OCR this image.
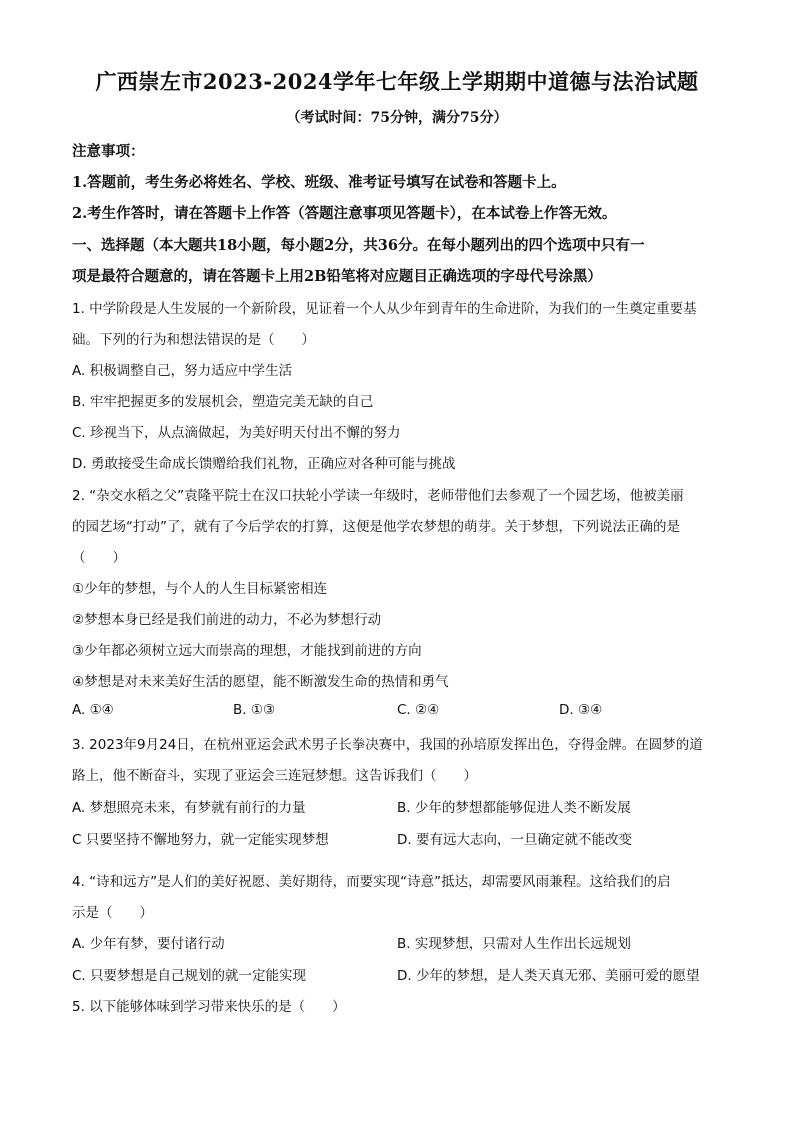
广西崇左市2023-2024学年七年级上学期期中道德与法治试题
（考试时间：75分钟，满分75分）
注意事项：
1.答题前，考生务必将姓名、学校、班级、准考证号填写在试卷和答题卡上。
2.考生作答时，请在答题卡上作答（答题注意事项见答题卡），在本试卷上作答无效。
一、选择题（本大题共18小题，每小题2分，共36分。在每小题列出的四个选项中只有一
项是最符合题意的，请在答题卡上用2B铅笔将对应题目正确选项的字母代号涂黑）
1. 中学阶段是人生发展的一个新阶段，见证着一个人从少年到青年的生命进阶，为我们的一生奠定重要基
础。下列的行为和想法错误的是（　　）
A. 积极调整自己，努力适应中学生活
B. 牢牢把握更多的发展机会，塑造完美无缺的自己
C. 珍视当下，从点滴做起，为美好明天付出不懈的努力
D. 勇敢接受生命成长馈赠给我们礼物，正确应对各种可能与挑战
2. “杂交水稻之父”袁隆平院士在汉口扶轮小学读一年级时，老师带他们去参观了一个园艺场，他被美丽
的园艺场“打动”了，就有了今后学农的打算，这便是他学农梦想的萌芽。关于梦想，下列说法正确的是
（　　）
①少年的梦想，与个人的人生目标紧密相连
②梦想本身已经是我们前进的动力，不必为梦想行动
③少年都必须树立远大而崇高的理想，才能找到前进的方向
④梦想是对未来美好生活的愿望，能不断激发生命的热情和勇气
A. ①④	B. ①③	C. ②④	D. ③④
3. 2023年9月24日，在杭州亚运会武术男子长拳决赛中，我国的孙培原发挥出色，夺得金牌。在圆梦的道
路上，他不断奋斗，实现了亚运会三连冠梦想。这告诉我们（　　）
A. 梦想照亮未来，有梦就有前行的力量	B. 少年的梦想都能够促进人类不断发展
C 只要坚持不懈地努力，就一定能实现梦想	D. 要有远大志向，一旦确定就不能改变
4. “诗和远方”是人们的美好祝愿、美好期待，而要实现“诗意”抵达，却需要风雨兼程。这给我们的启
示是（　　）
A. 少年有梦，要付诸行动	B. 实现梦想，只需对人生作出长远规划
C. 只要梦想是自己规划的就一定能实现	D. 少年的梦想，是人类天真无邪、美丽可爱的愿望
5. 以下能够体味到学习带来快乐的是（　　）
